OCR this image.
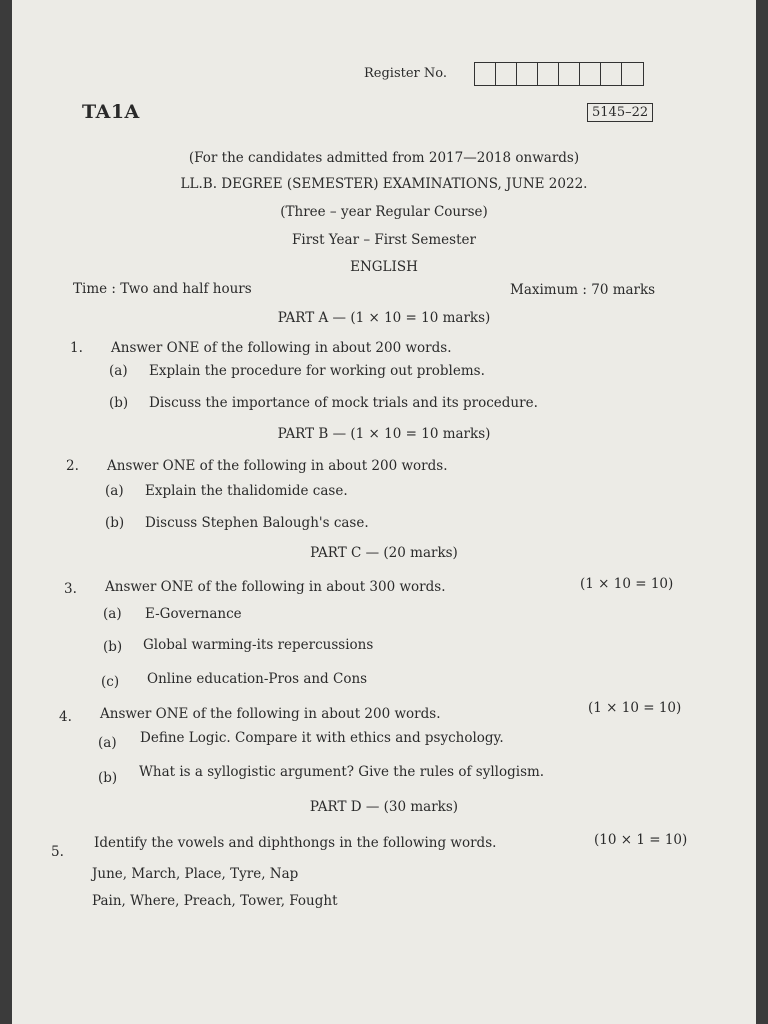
Register No.
TA1A	5145–22
(For the candidates admitted from 2017—2018 onwards)
LL.B. DEGREE (SEMESTER) EXAMINATIONS, JUNE 2022.
(Three – year Regular Course)
First Year – First Semester
ENGLISH
Time : Two and half hours	Maximum : 70 marks
PART A — (1 × 10 = 10 marks)
1. Answer ONE of the following in about 200 words.
(a) Explain the procedure for working out problems.
(b) Discuss the importance of mock trials and its procedure.
PART B — (1 × 10 = 10 marks)
2. Answer ONE of the following in about 200 words.
(a) Explain the thalidomide case.
(b) Discuss Stephen Balough's case.
PART C — (20 marks)
3. Answer ONE of the following in about 300 words.	(1 × 10 = 10)
(a) E-Governance
(b) Global warming-its repercussions
(c) Online education-Pros and Cons
4. Answer ONE of the following in about 200 words.	(1 × 10 = 10)
(a) Define Logic. Compare it with ethics and psychology.
(b) What is a syllogistic argument? Give the rules of syllogism.
PART D — (30 marks)
5.
Identify the vowels and diphthongs in the following words.	(10 × 1 = 10)
June, March, Place, Tyre, Nap
Pain, Where, Preach, Tower, Fought
